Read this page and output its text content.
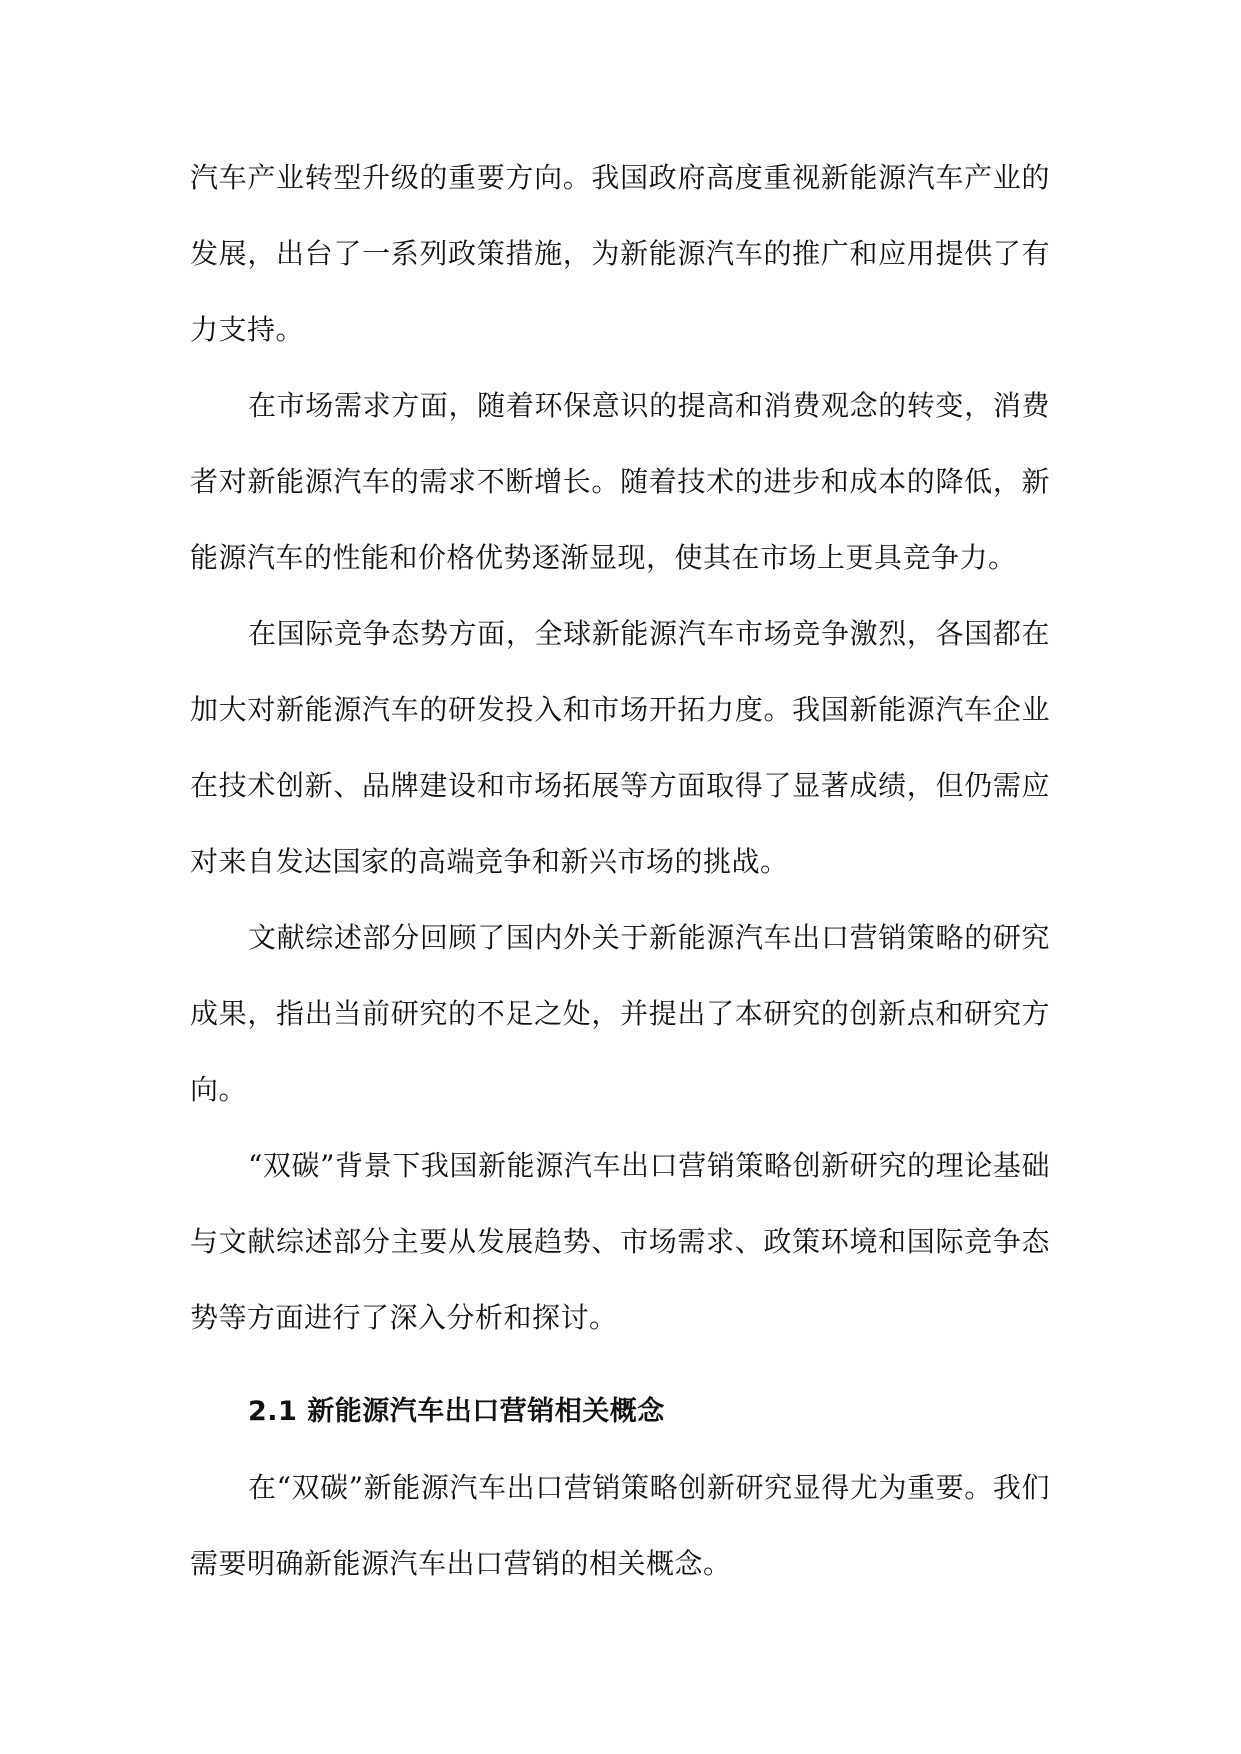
汽车产业转型升级的重要方向。我国政府高度重视新能源汽车产业的发展，出台了一系列政策措施，为新能源汽车的推广和应用提供了有力支持。

在市场需求方面，随着环保意识的提高和消费观念的转变，消费者对新能源汽车的需求不断增长。随着技术的进步和成本的降低，新能源汽车的性能和价格优势逐渐显现，使其在市场上更具竞争力。

在国际竞争态势方面，全球新能源汽车市场竞争激烈，各国都在加大对新能源汽车的研发投入和市场开拓力度。我国新能源汽车企业在技术创新、品牌建设和市场拓展等方面取得了显著成绩，但仍需应对来自发达国家的高端竞争和新兴市场的挑战。

文献综述部分回顾了国内外关于新能源汽车出口营销策略的研究成果，指出当前研究的不足之处，并提出了本研究的创新点和研究方向。

“双碳”背景下我国新能源汽车出口营销策略创新研究的理论基础与文献综述部分主要从发展趋势、市场需求、政策环境和国际竞争态势等方面进行了深入分析和探讨。

2.1 新能源汽车出口营销相关概念

在“双碳”新能源汽车出口营销策略创新研究显得尤为重要。我们需要明确新能源汽车出口营销的相关概念。
